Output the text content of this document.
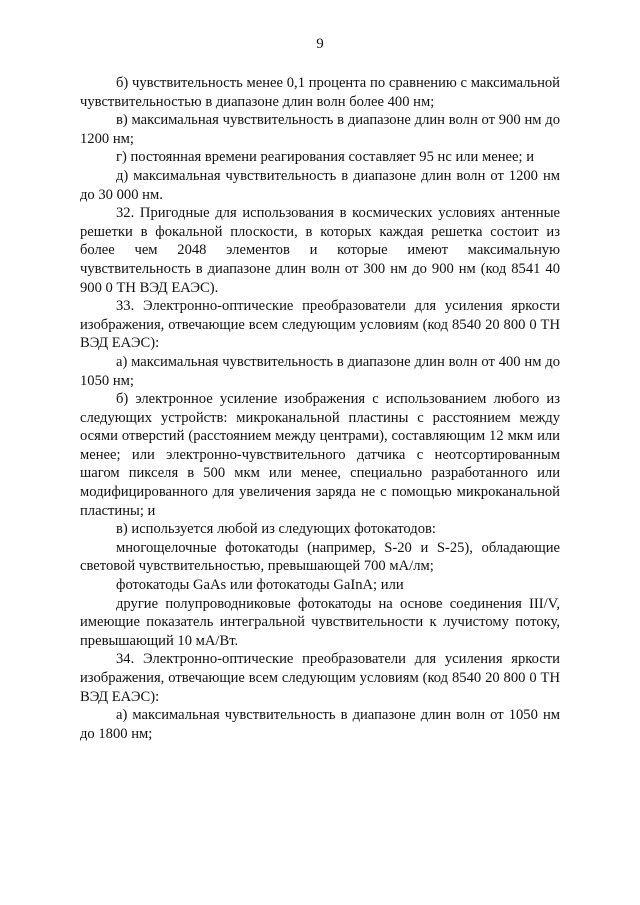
9

б) чувствительность менее 0,1 процента по сравнению с максимальной чувствительностью в диапазоне длин волн более 400 нм;

в) максимальная чувствительность в диапазоне длин волн от 900 нм до 1200 нм;

г) постоянная времени реагирования составляет 95 нс или менее; и

д) максимальная чувствительность в диапазоне длин волн от 1200 нм до 30 000 нм.

32. Пригодные для использования в космических условиях антенные решетки в фокальной плоскости, в которых каждая решетка состоит из более чем 2048 элементов и которые имеют максимальную чувствительность в диапазоне длин волн от 300 нм до 900 нм (код 8541 40 900 0 ТН ВЭД ЕАЭС).

33. Электронно-оптические преобразователи для усиления яркости изображения, отвечающие всем следующим условиям (код 8540 20 800 0 ТН ВЭД ЕАЭС):

а) максимальная чувствительность в диапазоне длин волн от 400 нм до 1050 нм;

б) электронное усиление изображения с использованием любого из следующих устройств: микроканальной пластины с расстоянием между осями отверстий (расстоянием между центрами), составляющим 12 мкм или менее; или электронно-чувствительного датчика с неотсортированным шагом пикселя в 500 мкм или менее, специально разработанного или модифицированного для увеличения заряда не с помощью микроканальной пластины; и

в) используется любой из следующих фотокатодов:

многощелочные фотокатоды (например, S-20 и S-25), обладающие световой чувствительностью, превышающей 700 мА/лм;

фотокатоды GaAs или фотокатоды GaInA; или

другие полупроводниковые фотокатоды на основе соединения III/V, имеющие показатель интегральной чувствительности к лучистому потоку, превышающий 10 мА/Вт.

34. Электронно-оптические преобразователи для усиления яркости изображения, отвечающие всем следующим условиям (код 8540 20 800 0 ТН ВЭД ЕАЭС):

а) максимальная чувствительность в диапазоне длин волн от 1050 нм до 1800 нм;
